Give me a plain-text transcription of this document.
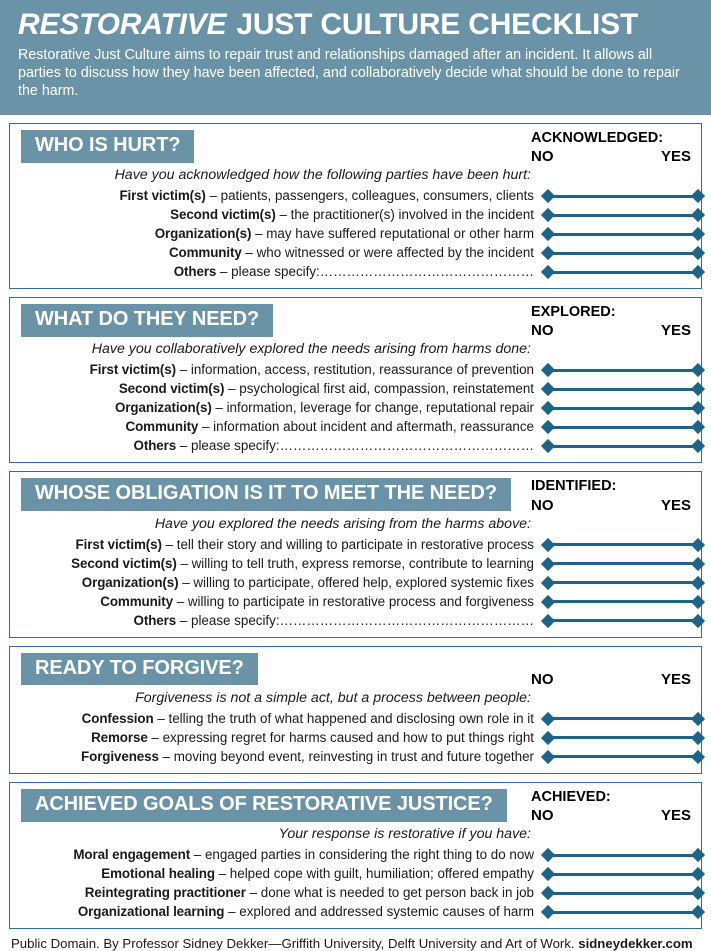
RESTORATIVE JUST CULTURE CHECKLIST
Restorative Just Culture aims to repair trust and relationships damaged after an incident. It allows all parties to discuss how they have been affected, and collaboratively decide what should be done to repair the harm.
WHO IS HURT?	ACKNOWLEDGED:
NO	YES
Have you acknowledged how the following parties have been hurt:
First victim(s) – patients, passengers, colleagues, consumers, clients
Second victim(s) – the practitioner(s) involved in the incident
Organization(s) – may have suffered reputational or other harm
Community – who witnessed or were affected by the incident
Others – please specify:…………………………………………
WHAT DO THEY NEED?	EXPLORED:
NO	YES
Have you collaboratively explored the needs arising from harms done:
First victim(s) – information, access, restitution, reassurance of prevention
Second victim(s) – psychological first aid, compassion, reinstatement
Organization(s) – information, leverage for change, reputational repair
Community – information about incident and aftermath, reassurance
Others – please specify:…………………………………………………
WHOSE OBLIGATION IS IT TO MEET THE NEED?	IDENTIFIED:
NO	YES
Have you explored the needs arising from the harms above:
First victim(s) – tell their story and willing to participate in restorative process
Second victim(s) – willing to tell truth, express remorse, contribute to learning
Organization(s) – willing to participate, offered help, explored systemic fixes
Community – willing to participate in restorative process and forgiveness
Others – please specify:…………………………………………………
READY TO FORGIVE?
NO	YES
Forgiveness is not a simple act, but a process between people:
Confession – telling the truth of what happened and disclosing own role in it
Remorse – expressing regret for harms caused and how to put things right
Forgiveness – moving beyond event, reinvesting in trust and future together
ACHIEVED GOALS OF RESTORATIVE JUSTICE?	ACHIEVED:
NO	YES
Your response is restorative if you have:
Moral engagement – engaged parties in considering the right thing to do now
Emotional healing – helped cope with guilt, humiliation; offered empathy
Reintegrating practitioner – done what is needed to get person back in job
Organizational learning – explored and addressed systemic causes of harm
Public Domain. By Professor Sidney Dekker—Griffith University, Delft University and Art of Work. sidneydekker.com
